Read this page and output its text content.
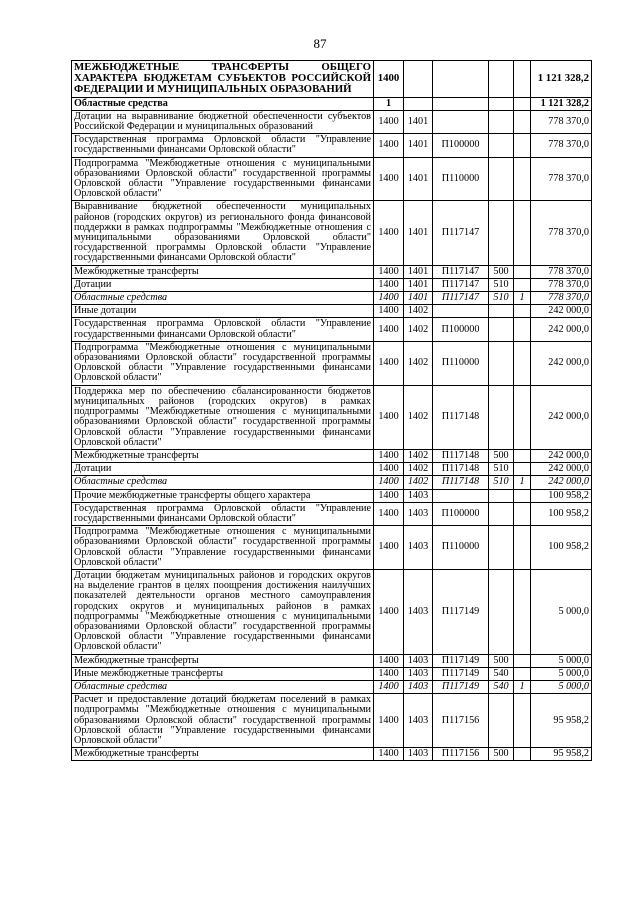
87
МЕЖБЮДЖЕТНЫЕ ТРАНСФЕРТЫ ОБЩЕГО ХАРАКТЕРА БЮДЖЕТАМ СУБЪЕКТОВ РОССИЙСКОЙ ФЕДЕРАЦИИ И МУНИЦИПАЛЬНЫХ ОБРАЗОВАНИЙ	1400					1 121 328,2
Областные средства	1					1 121 328,2
Дотации на выравнивание бюджетной обеспеченности субъектов Российской Федерации и муниципальных образований	1400	1401				778 370,0
Государственная программа Орловской области "Управление государственными финансами Орловской области"	1400	1401	П100000			778 370,0
Подпрограмма "Межбюджетные отношения с муниципальными образованиями Орловской области" государственной программы Орловской области "Управление государственными финансами Орловской области"	1400	1401	П110000			778 370,0
Выравнивание бюджетной обеспеченности муниципальных районов (городских округов) из регионального фонда финансовой поддержки в рамках подпрограммы "Межбюджетные отношения с муниципальными образованиями Орловской области" государственной программы Орловской области "Управление государственными финансами Орловской области"	1400	1401	П117147			778 370,0
Межбюджетные трансферты	1400	1401	П117147	500		778 370,0
Дотации	1400	1401	П117147	510		778 370,0
Областные средства	1400	1401	П117147	510	1	778 370,0
Иные дотации	1400	1402				242 000,0
Государственная программа Орловской области "Управление государственными финансами Орловской области"	1400	1402	П100000			242 000,0
Подпрограмма "Межбюджетные отношения с муниципальными образованиями Орловской области" государственной программы Орловской области "Управление государственными финансами Орловской области"	1400	1402	П110000			242 000,0
Поддержка мер по обеспечению сбалансированности бюджетов муниципальных районов (городских округов) в рамках подпрограммы "Межбюджетные отношения с муниципальными образованиями Орловской области" государственной программы Орловской области "Управление государственными финансами Орловской области"	1400	1402	П117148			242 000,0
Межбюджетные трансферты	1400	1402	П117148	500		242 000,0
Дотации	1400	1402	П117148	510		242 000,0
Областные средства	1400	1402	П117148	510	1	242 000,0
Прочие межбюджетные трансферты общего характера	1400	1403				100 958,2
Государственная программа Орловской области "Управление государственными финансами Орловской области"	1400	1403	П100000			100 958,2
Подпрограмма "Межбюджетные отношения с муниципальными образованиями Орловской области" государственной программы Орловской области "Управление государственными финансами Орловской области"	1400	1403	П110000			100 958,2
Дотации бюджетам муниципальных районов и городских округов на выделение грантов в целях поощрения достижения наилучших показателей деятельности органов местного самоуправления городских округов и муниципальных районов в рамках подпрограммы "Межбюджетные отношения с муниципальными образованиями Орловской области" государственной программы Орловской области "Управление государственными финансами Орловской области"	1400	1403	П117149			5 000,0
Межбюджетные трансферты	1400	1403	П117149	500		5 000,0
Иные межбюджетные трансферты	1400	1403	П117149	540		5 000,0
Областные средства	1400	1403	П117149	540	1	5 000,0
Расчет и предоставление дотаций бюджетам поселений в рамках подпрограммы "Межбюджетные отношения с муниципальными образованиями Орловской области" государственной программы Орловской области "Управление государственными финансами Орловской области"	1400	1403	П117156			95 958,2
Межбюджетные трансферты	1400	1403	П117156	500		95 958,2
